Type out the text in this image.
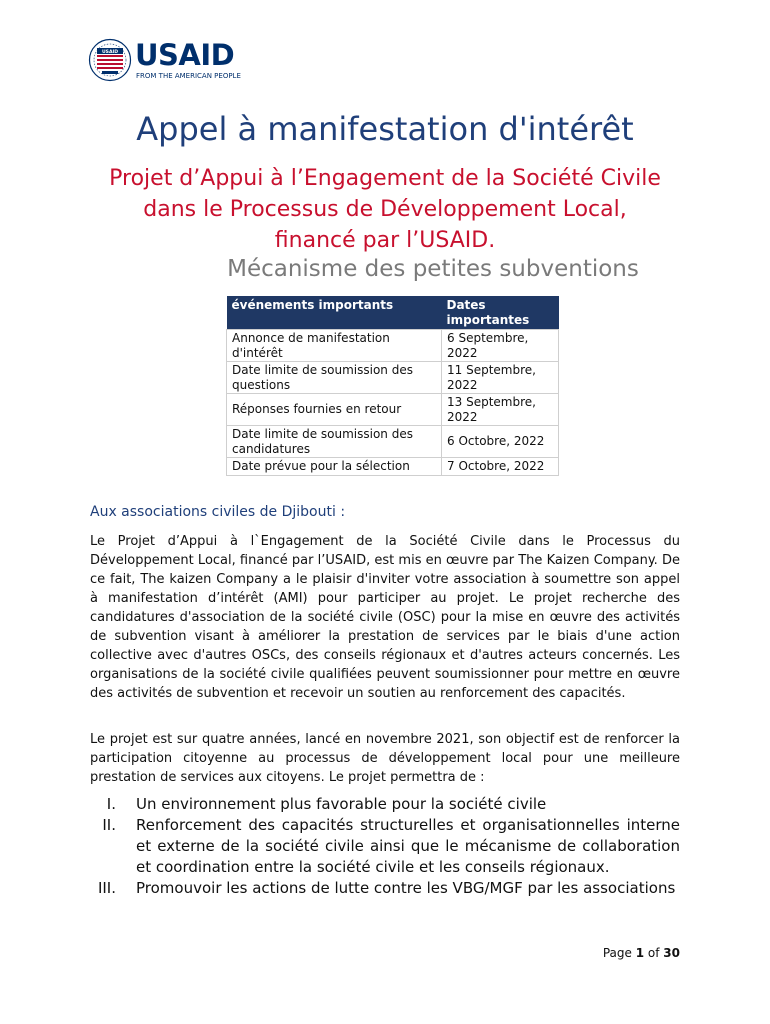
USAID USAID
FROM THE AMERICAN PEOPLE
Appel à manifestation d'intérêt
Projet d’Appui à l’Engagement de la Société Civile dans le Processus de Développement Local, financé par l’USAID.
Mécanisme des petites subventions
événements importants	Dates importantes
Annonce de manifestation d'intérêt	6 Septembre, 2022
Date limite de soumission des questions	11 Septembre, 2022
Réponses fournies en retour	13 Septembre, 2022
Date limite de soumission des candidatures	6 Octobre, 2022
Date prévue pour la sélection	7 Octobre, 2022
Aux associations civiles de Djibouti :
Le Projet d’Appui à l`Engagement de la Société Civile dans le Processus du Développement Local, financé par l’USAID, est mis en œuvre par The Kaizen Company. De ce fait, The kaizen Company a le plaisir d'inviter votre association à soumettre son appel à manifestation d’intérêt (AMI) pour participer au projet. Le projet recherche des candidatures d'association de la société civile (OSC) pour la mise en œuvre des activités de subvention visant à améliorer la prestation de services par le biais d'une action collective avec d'autres OSCs, des conseils régionaux et d'autres acteurs concernés. Les organisations de la société civile qualifiées peuvent soumissionner pour mettre en œuvre des activités de subvention et recevoir un soutien au renforcement des capacités.
Le projet est sur quatre années, lancé en novembre 2021, son objectif est de renforcer la participation citoyenne au processus de développement local pour une meilleure prestation de services aux citoyens. Le projet permettra de :
I. Un environnement plus favorable pour la société civile
II. Renforcement des capacités structurelles et organisationnelles interne et externe de la société civile ainsi que le mécanisme de collaboration et coordination entre la société civile et les conseils régionaux.
III. Promouvoir les actions de lutte contre les VBG/MGF par les associations
Page 1 of 30
